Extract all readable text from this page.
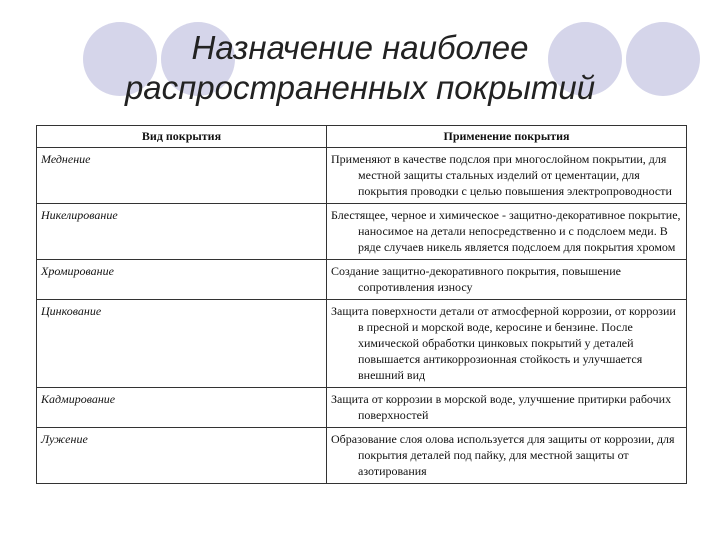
Назначение наиболее
распространенных покрытий
Вид покрытия	Применение покрытия
Меднение	Применяют в качестве подслоя при многослойном покрытии, для местной защиты стальных изделий от цементации, для покрытия проводки с целью повышения электропроводности

Никелирование	Блестящее, черное и химическое - защитно-декоративное покрытие, наносимое на детали непосредственно и с подслоем меди. В ряде случаев никель является подслоем для покрытия хромом

Хромирование	Создание защитно-декоративного покрытия, повышение сопротивления износу

Цинкование	Защита поверхности детали от атмосферной коррозии, от коррозии в пресной и морской воде, керосине и бензине. После химической обработки цинковых покрытий у деталей повышается антикоррозионная стойкость и улучшается внешний вид

Кадмирование	Защита от коррозии в морской воде, улучшение притирки рабочих поверхностей

Лужение	Образование слоя олова используется для защиты от коррозии, для покрытия деталей под пайку, для местной защиты от азотирования
